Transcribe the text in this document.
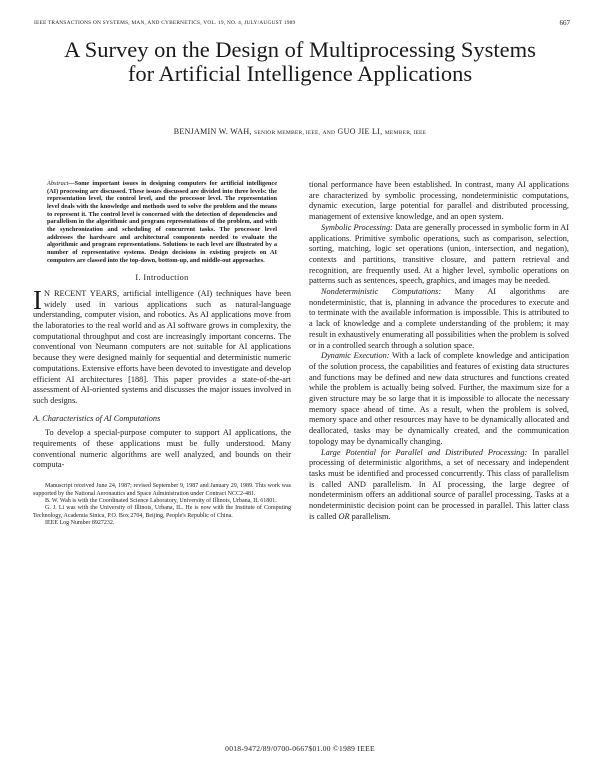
IEEE TRANSACTIONS ON SYSTEMS, MAN, AND CYBERNETICS, VOL. 19, NO. 4, JULY/AUGUST 1989	667
A Survey on the Design of Multiprocessing Systems for Artificial Intelligence Applications
BENJAMIN W. WAH, SENIOR MEMBER, IEEE, AND GUO JIE LI, MEMBER, IEEE

Abstract—Some important issues in designing computers for artificial intelligence (AI) processing are discussed. These issues discussed are divided into three levels: the representation level, the control level, and the processor level. The representation level deals with the knowledge and methods used to solve the problem and the means to represent it. The control level is concerned with the detection of dependencies and parallelism in the algorithmic and program representations of the problem, and with the synchronization and scheduling of concurrent tasks. The processor level addresses the hardware and architectural components needed to evaluate the algorithmic and program representations. Solutions to each level are illustrated by a number of representative systems. Design decisions in existing projects on AI computers are classed into the top-down, bottom-up, and middle-out approaches.

I. Introduction

I N RECENT YEARS, artificial intelligence (AI) techniques have been widely used in various applications such as natural-language understanding, computer vision, and robotics. As AI applications move from the laboratories to the real world and as AI software grows in complexity, the computational throughput and cost are increasingly important concerns. The conventional von Neumann computers are not suitable for AI applications because they were designed mainly for sequential and deterministic numeric computations. Extensive efforts have been devoted to investigate and develop efficient AI architectures [188]. This paper provides a state-of-the-art assessment of AI-oriented systems and discusses the major issues involved in such designs.

A. Characteristics of AI Computations

To develop a special-purpose computer to support AI applications, the requirements of these applications must be fully understood. Many conventional numeric algorithms are well analyzed, and bounds on their computa-

Manuscript received June 24, 1987; revised September 9, 1987 and January 29, 1989. This work was supported by the National Aeronautics and Space Administration under Contract NCC2-481.

B. W. Wah is with the Coordinated Science Laboratory, University of Illinois, Urbana, IL 61801.

G. J. Li was with the University of Illinois, Urbana, IL. He is now with the Institute of Computing Technology, Academia Sinica, P.O. Box 2704, Beijing, People's Republic of China.

IEEE Log Number 8927232.

tional performance have been established. In contrast, many AI applications are characterized by symbolic processing, nondeterministic computations, dynamic execution, large potential for parallel and distributed processing, management of extensive knowledge, and an open system.

Symbolic Processing: Data are generally processed in symbolic form in AI applications. Primitive symbolic operations, such as comparison, selection, sorting, matching, logic set operations (union, intersection, and negation), contexts and partitions, transitive closure, and pattern retrieval and recognition, are frequently used. At a higher level, symbolic operations on patterns such as sentences, speech, graphics, and images may be needed.

Nondeterministic Computations: Many AI algorithms are nondeterministic, that is, planning in advance the procedures to execute and to terminate with the available information is impossible. This is attributed to a lack of knowledge and a complete understanding of the problem; it may result in exhaustively enumerating all possibilities when the problem is solved or in a controlled search through a solution space.

Dynamic Execution: With a lack of complete knowledge and anticipation of the solution process, the capabilities and features of existing data structures and functions may be defined and new data structures and functions created while the problem is actually being solved. Further, the maximum size for a given structure may be so large that it is impossible to allocate the necessary memory space ahead of time. As a result, when the problem is solved, memory space and other resources may have to be dynamically allocated and deallocated, tasks may be dynamically created, and the communication topology may be dynamically changing.

Large Potential for Parallel and Distributed Processing: In parallel processing of deterministic algorithms, a set of necessary and independent tasks must be identified and processed concurrently. This class of parallelism is called AND parallelism. In AI processing, the large degree of nondeterminism offers an additional source of parallel processing. Tasks at a nondeterministic decision point can be processed in parallel. This latter class is called OR parallelism.

0018-9472/89/0700-0667$01.00 ©1989 IEEE
